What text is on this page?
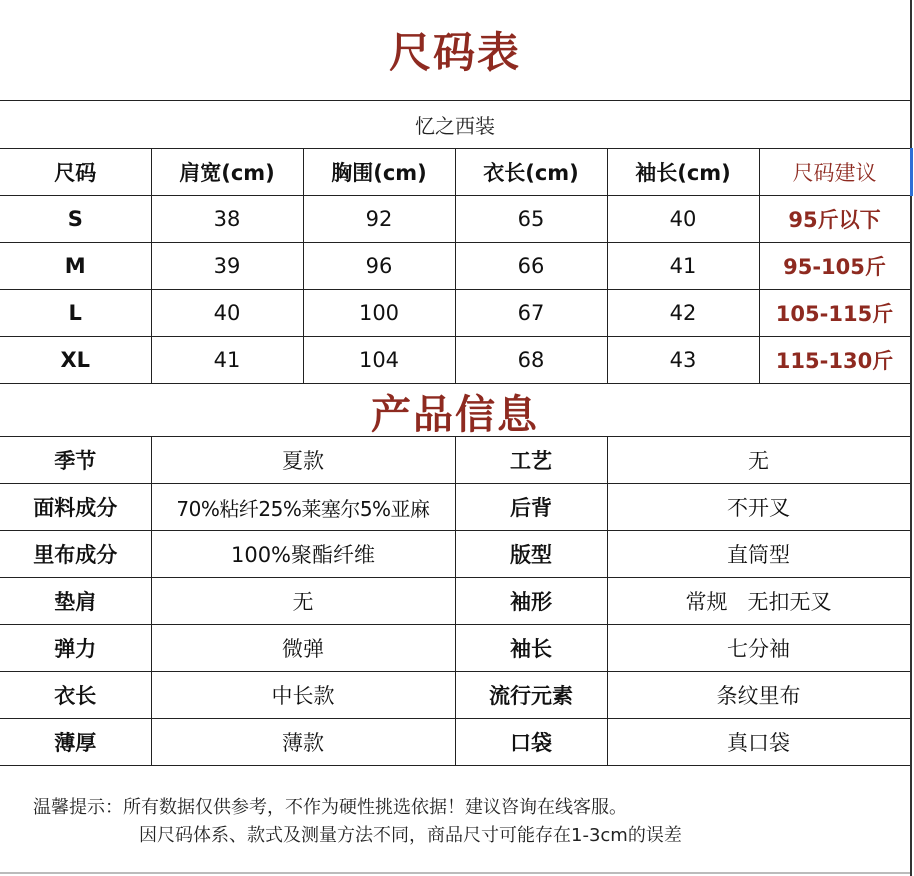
尺码表
忆之西装
尺码	肩宽(cm)	胸围(cm)	衣长(cm)	袖长(cm)	尺码建议
S	38	92	65	40	95斤以下
M	39	96	66	41	95-105斤
L	40	100	67	42	105-115斤
XL	41	104	68	43	115-130斤
产品信息
季节	夏款	工艺	无
面料成分	70%粘纤25%莱塞尔5%亚麻	后背	不开叉
里布成分	100%聚酯纤维	版型	直筒型
垫肩	无	袖形	常规   无扣无叉
弹力	微弹	袖长	七分袖
衣长	中长款	流行元素	条纹里布
薄厚	薄款	口袋	真口袋
温馨提示：所有数据仅供参考，不作为硬性挑选依据！建议咨询在线客服。
因尺码体系、款式及测量方法不同，商品尺寸可能存在1-3cm的误差
